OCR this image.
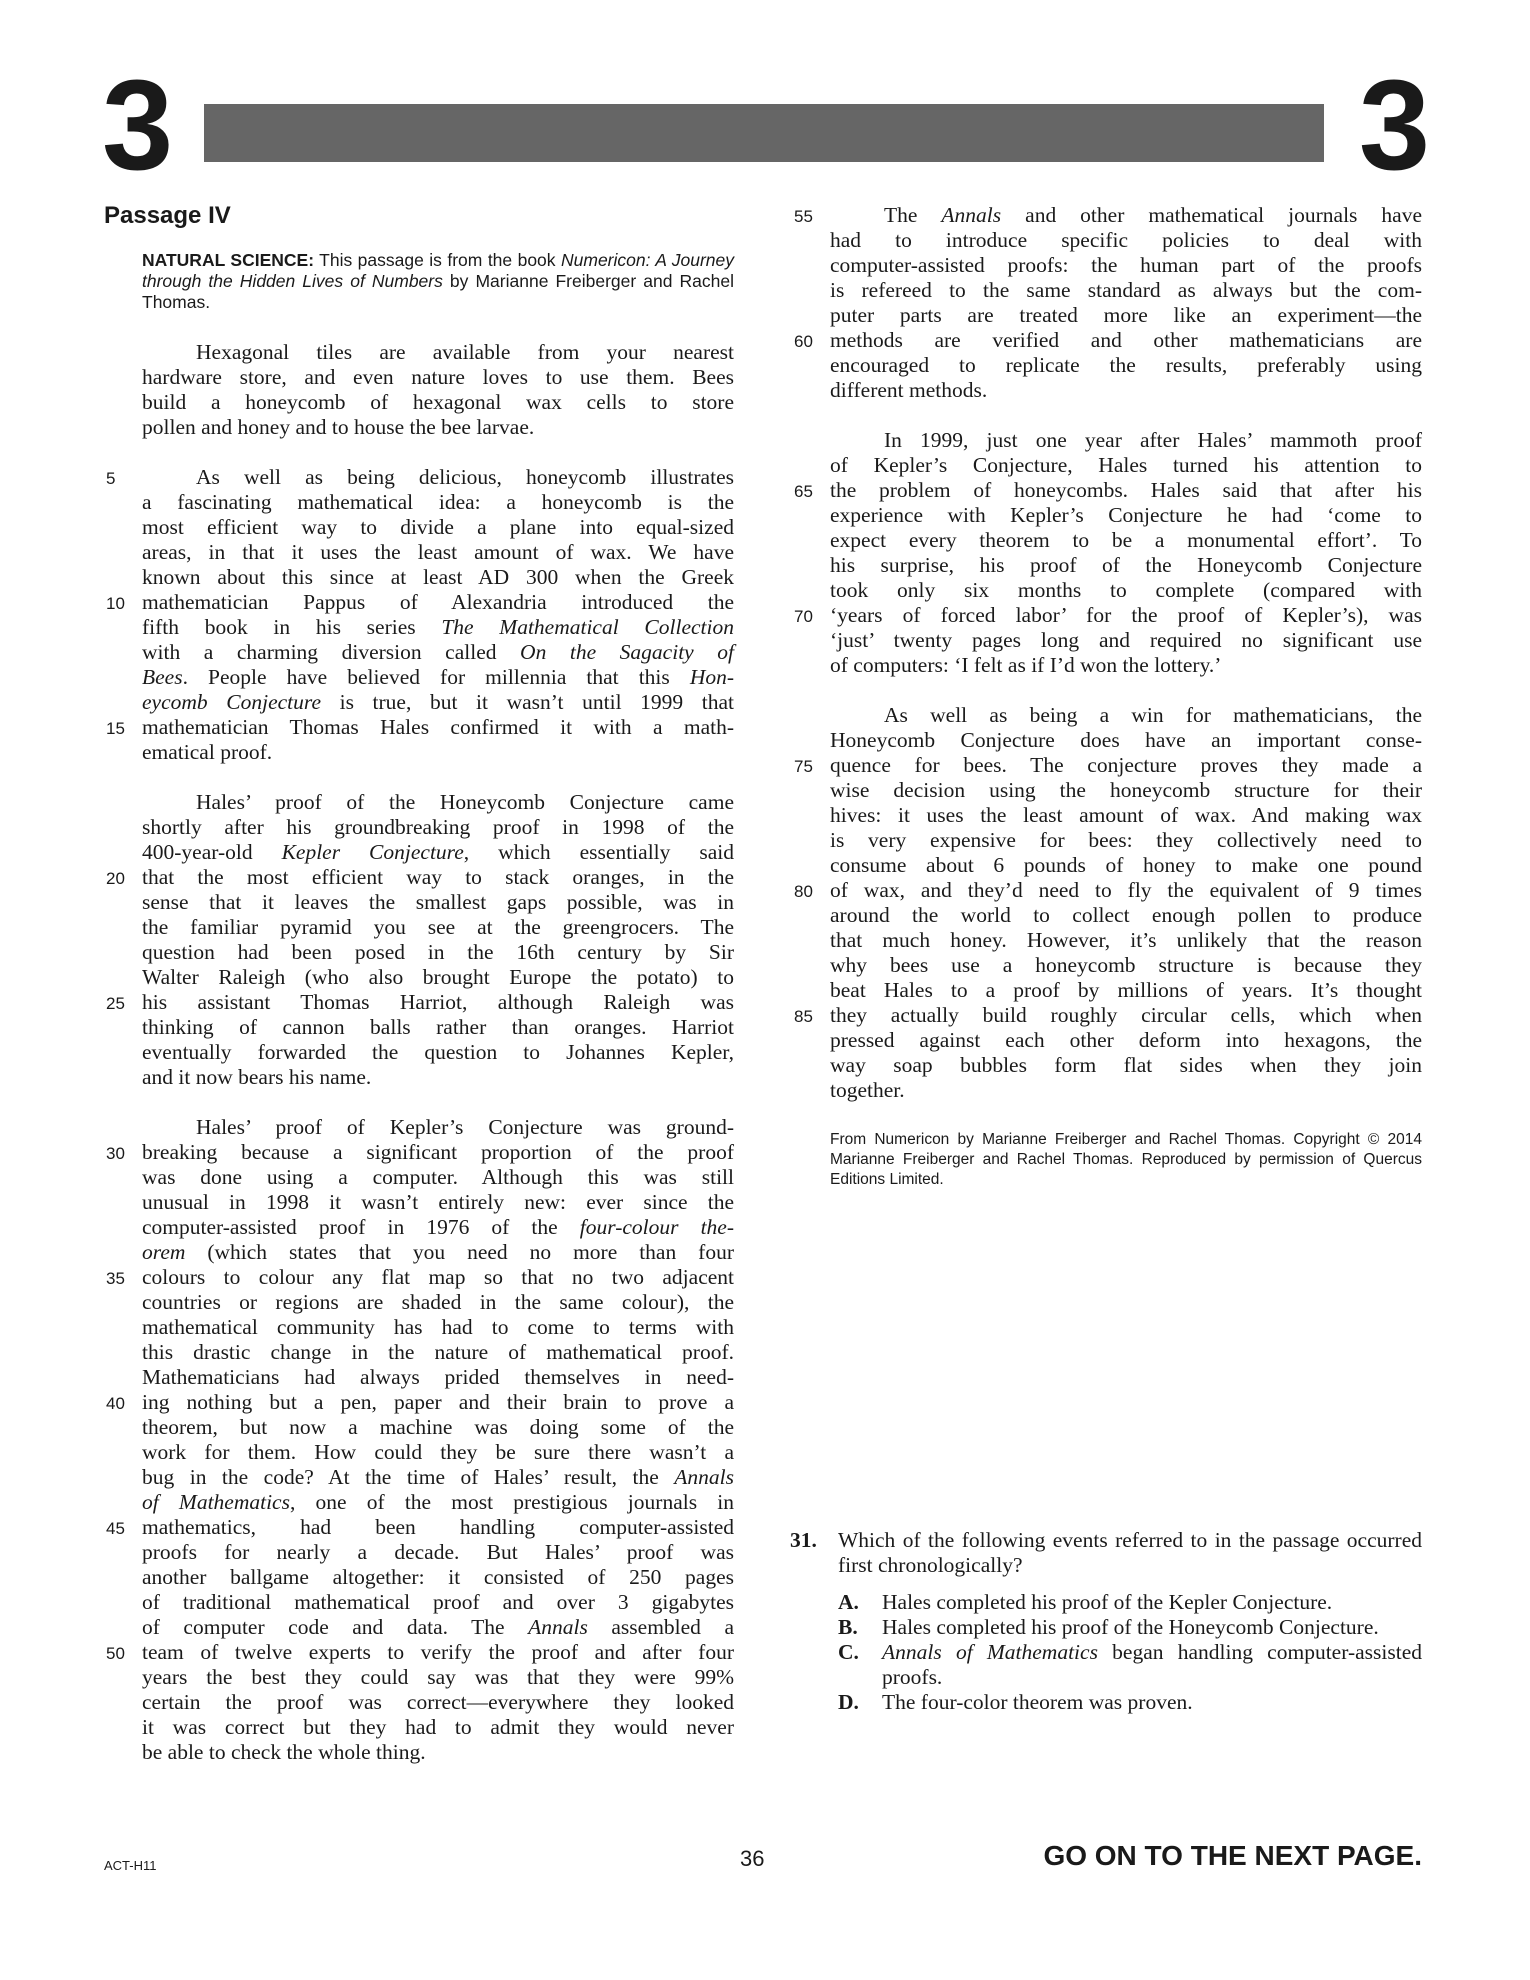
3	3
Passage IV
NATURAL SCIENCE: This passage is from the book Numericon: A Journey through the Hidden Lives of Numbers by Marianne Freiberger and Rachel Thomas.
Hexagonal tiles are available from your nearest
hardware store, and even nature loves to use them. Bees
build a honeycomb of hexagonal wax cells to store
pollen and honey and to house the bee larvae.
5	As well as being delicious, honeycomb illustrates
a fascinating mathematical idea: a honeycomb is the
most efficient way to divide a plane into equal-sized
areas, in that it uses the least amount of wax. We have
known about this since at least AD 300 when the Greek
10 mathematician Pappus of Alexandria introduced the
fifth book in his series The Mathematical Collection
with a charming diversion called On the Sagacity of
Bees. People have believed for millennia that this Hon-
eycomb Conjecture is true, but it wasn’t until 1999 that
15 mathematician Thomas Hales confirmed it with a math-
ematical proof.
Hales’ proof of the Honeycomb Conjecture came
shortly after his groundbreaking proof in 1998 of the
400-year-old Kepler Conjecture, which essentially said
20 that the most efficient way to stack oranges, in the
sense that it leaves the smallest gaps possible, was in
the familiar pyramid you see at the greengrocers. The
question had been posed in the 16th century by Sir
Walter Raleigh (who also brought Europe the potato) to
25 his assistant Thomas Harriot, although Raleigh was
thinking of cannon balls rather than oranges. Harriot
eventually forwarded the question to Johannes Kepler,
and it now bears his name.
Hales’ proof of Kepler’s Conjecture was ground-
30 breaking because a significant proportion of the proof
was done using a computer. Although this was still
unusual in 1998 it wasn’t entirely new: ever since the
computer-assisted proof in 1976 of the four-colour the-
orem (which states that you need no more than four
35 colours to colour any flat map so that no two adjacent
countries or regions are shaded in the same colour), the
mathematical community has had to come to terms with
this drastic change in the nature of mathematical proof.
Mathematicians had always prided themselves in need-
40 ing nothing but a pen, paper and their brain to prove a
theorem, but now a machine was doing some of the
work for them. How could they be sure there wasn’t a
bug in the code? At the time of Hales’ result, the Annals
of Mathematics, one of the most prestigious journals in
45 mathematics, had been handling computer-assisted
proofs for nearly a decade. But Hales’ proof was
another ballgame altogether: it consisted of 250 pages
of traditional mathematical proof and over 3 gigabytes
of computer code and data. The Annals assembled a
50 team of twelve experts to verify the proof and after four
years the best they could say was that they were 99%
certain the proof was correct—everywhere they looked
it was correct but they had to admit they would never
be able to check the whole thing.
55	The Annals and other mathematical journals have
had to introduce specific policies to deal with
computer-assisted proofs: the human part of the proofs
is refereed to the same standard as always but the com-
puter parts are treated more like an experiment—the
60 methods are verified and other mathematicians are
encouraged to replicate the results, preferably using
different methods.
In 1999, just one year after Hales’ mammoth proof
of Kepler’s Conjecture, Hales turned his attention to
65 the problem of honeycombs. Hales said that after his
experience with Kepler’s Conjecture he had ‘come to
expect every theorem to be a monumental effort’. To
his surprise, his proof of the Honeycomb Conjecture
took only six months to complete (compared with
70 ‘years of forced labor’ for the proof of Kepler’s), was
‘just’ twenty pages long and required no significant use
of computers: ‘I felt as if I’d won the lottery.’
As well as being a win for mathematicians, the
Honeycomb Conjecture does have an important conse-
75 quence for bees. The conjecture proves they made a
wise decision using the honeycomb structure for their
hives: it uses the least amount of wax. And making wax
is very expensive for bees: they collectively need to
consume about 6 pounds of honey to make one pound
80 of wax, and they’d need to fly the equivalent of 9 times
around the world to collect enough pollen to produce
that much honey. However, it’s unlikely that the reason
why bees use a honeycomb structure is because they
beat Hales to a proof by millions of years. It’s thought
85 they actually build roughly circular cells, which when
pressed against each other deform into hexagons, the
way soap bubbles form flat sides when they join
together.
From Numericon by Marianne Freiberger and Rachel Thomas. Copyright © 2014 Marianne Freiberger and Rachel Thomas. Reproduced by permission of Quercus Editions Limited.
31. Which of the following events referred to in the passage occurred first chronologically?
A. Hales completed his proof of the Kepler Conjecture.
B. Hales completed his proof of the Honeycomb Conjecture.
C. Annals of Mathematics began handling computer-assisted proofs.
D. The four-color theorem was proven.
ACT-H11	36	GO ON TO THE NEXT PAGE.
